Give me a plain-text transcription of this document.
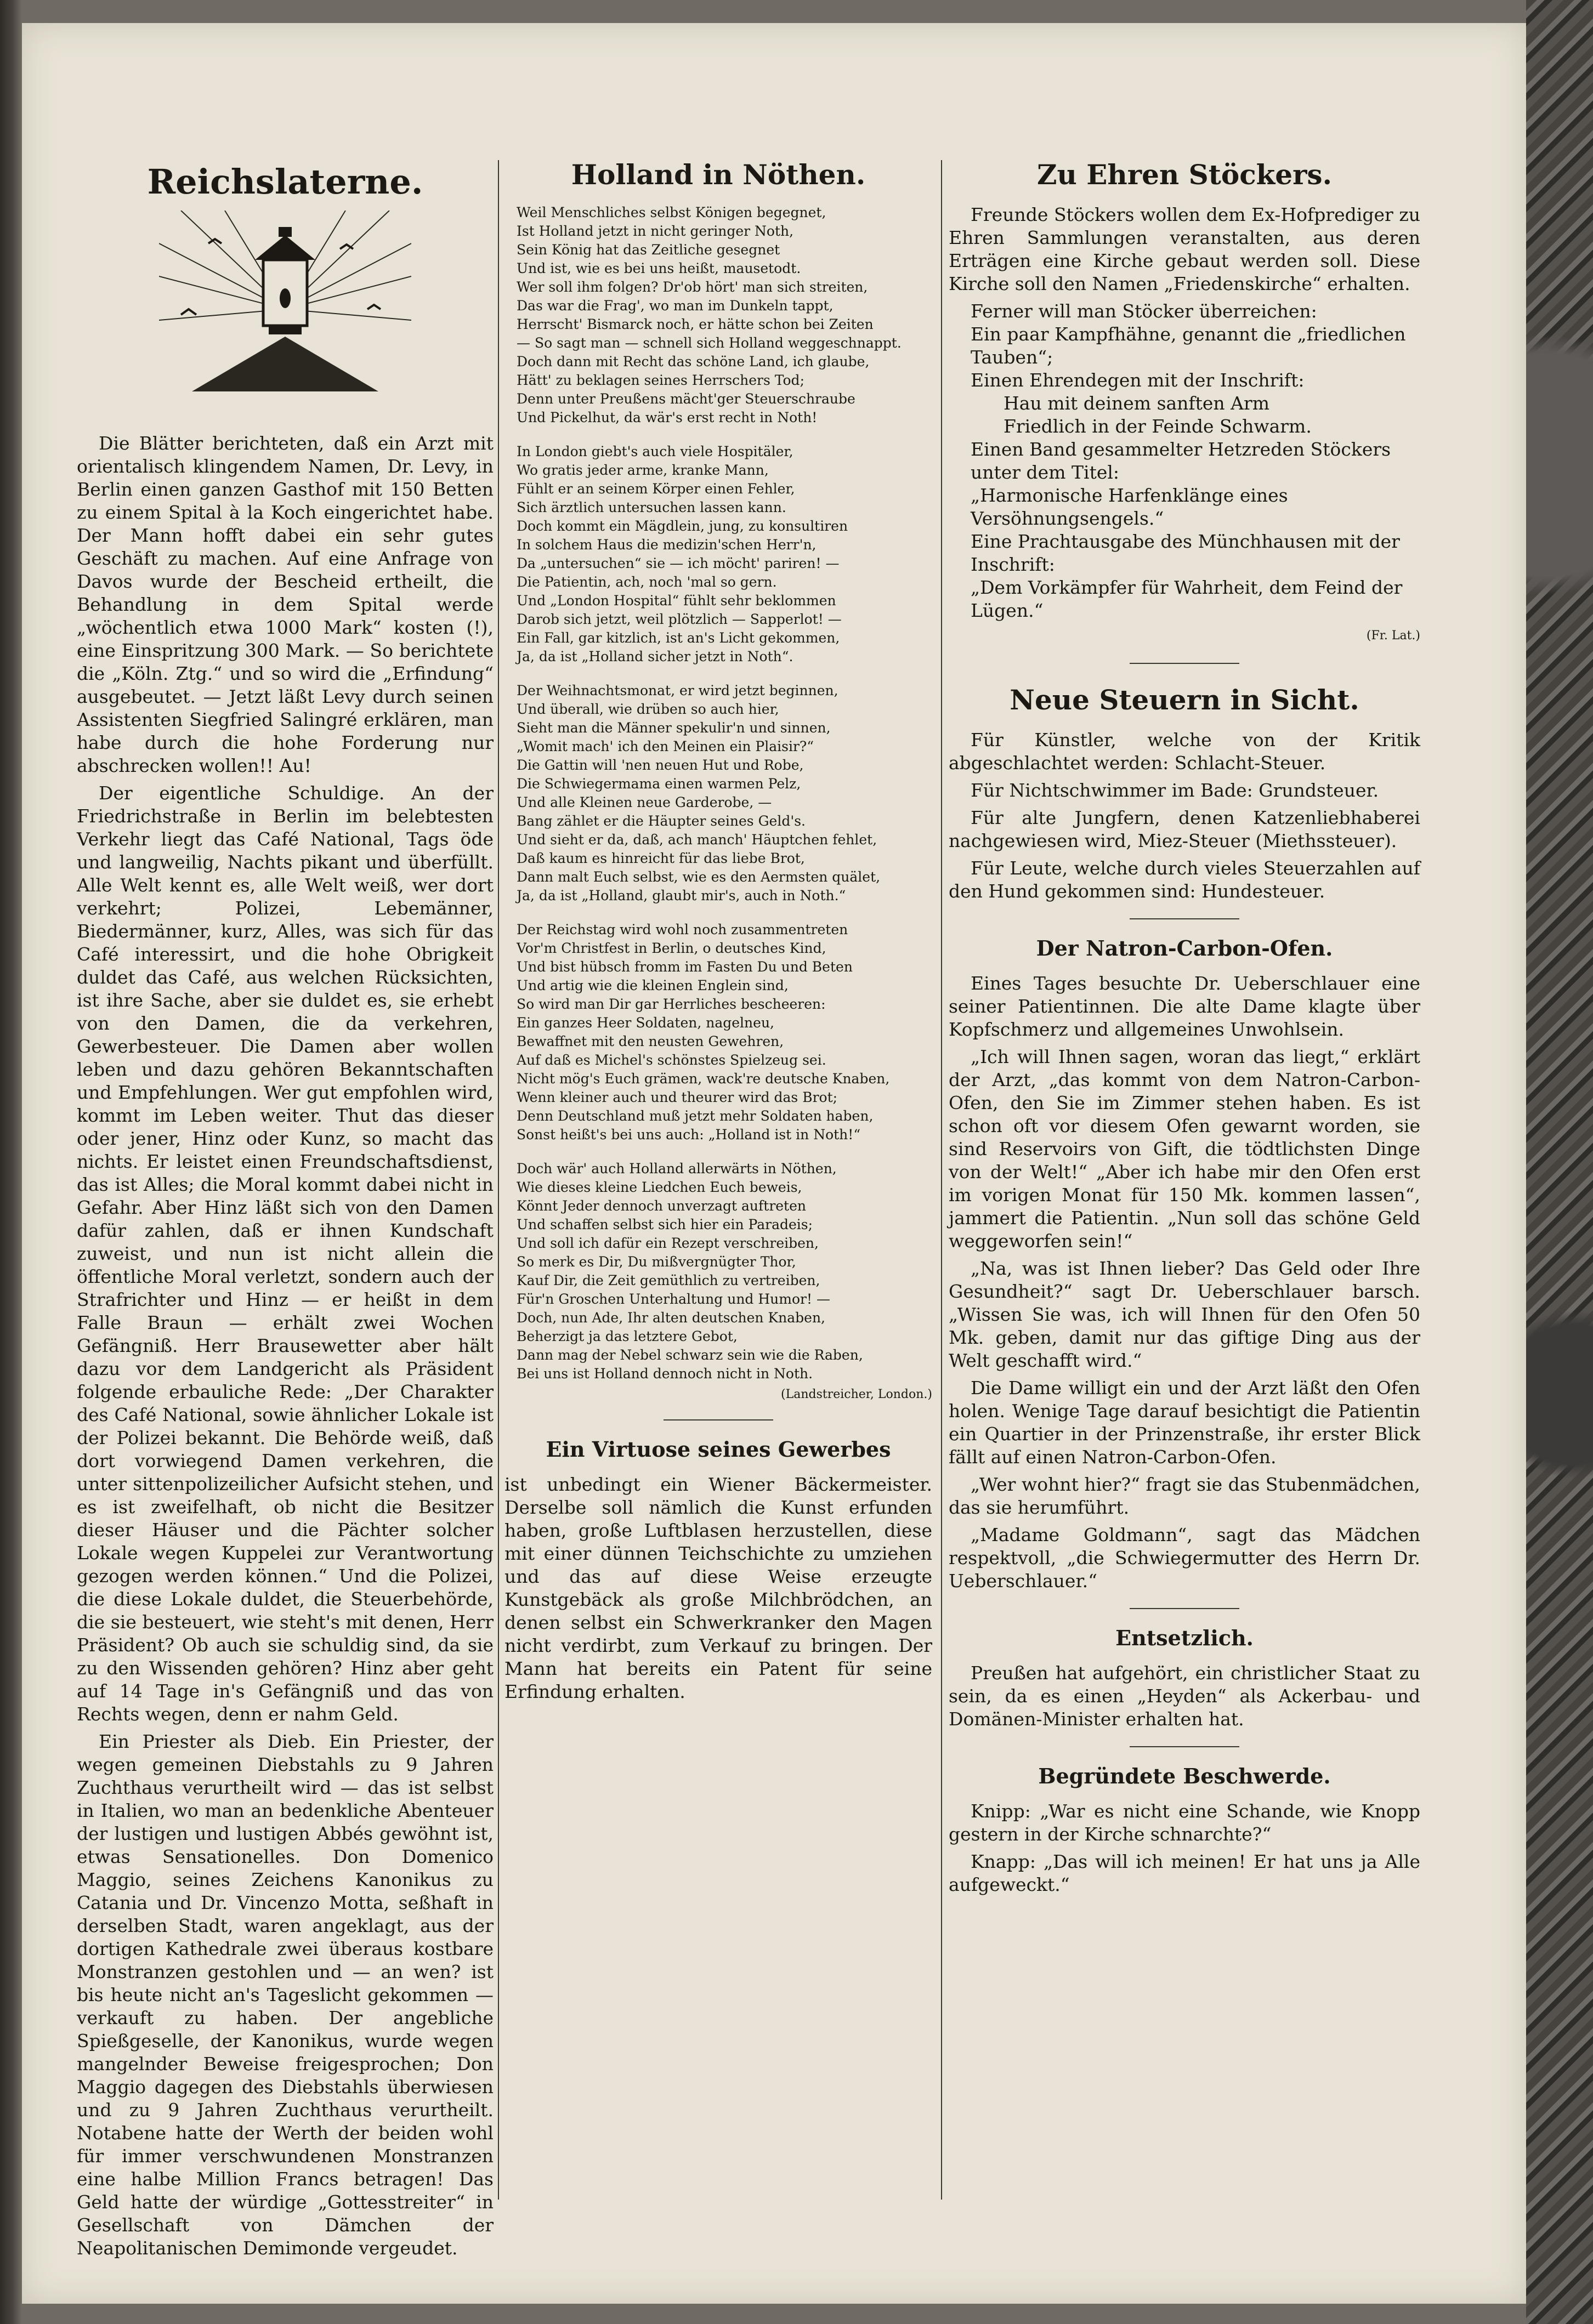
Reichslaterne.

Die Blätter berichteten, daß ein Arzt mit orientalisch klingendem Namen, Dr. Levy, in Berlin einen ganzen Gasthof mit 150 Betten zu einem Spital à la Koch eingerichtet habe. Der Mann hofft dabei ein sehr gutes Geschäft zu machen. Auf eine Anfrage von Davos wurde der Bescheid ertheilt, die Behandlung in dem Spital werde „wöchentlich etwa 1000 Mark“ kosten (!), eine Einspritzung 300 Mark. — So berichtete die „Köln. Ztg.“ und so wird die „Erfindung“ ausgebeutet. — Jetzt läßt Levy durch seinen Assistenten Siegfried Salingré erklären, man habe durch die hohe Forderung nur abschrecken wollen!! Au!

Der eigentliche Schuldige. An der Friedrichstraße in Berlin im belebtesten Verkehr liegt das Café National, Tags öde und langweilig, Nachts pikant und überfüllt. Alle Welt kennt es, alle Welt weiß, wer dort verkehrt; Polizei, Lebemänner, Biedermänner, kurz, Alles, was sich für das Café interessirt, und die hohe Obrigkeit duldet das Café, aus welchen Rücksichten, ist ihre Sache, aber sie duldet es, sie erhebt von den Damen, die da verkehren, Gewerbesteuer. Die Damen aber wollen leben und dazu gehören Bekanntschaften und Empfehlungen. Wer gut empfohlen wird, kommt im Leben weiter. Thut das dieser oder jener, Hinz oder Kunz, so macht das nichts. Er leistet einen Freundschaftsdienst, das ist Alles; die Moral kommt dabei nicht in Gefahr. Aber Hinz läßt sich von den Damen dafür zahlen, daß er ihnen Kundschaft zuweist, und nun ist nicht allein die öffentliche Moral verletzt, sondern auch der Strafrichter und Hinz — er heißt in dem Falle Braun — erhält zwei Wochen Gefängniß. Herr Brausewetter aber hält dazu vor dem Landgericht als Präsident folgende erbauliche Rede: „Der Charakter des Café National, sowie ähnlicher Lokale ist der Polizei bekannt. Die Behörde weiß, daß dort vorwiegend Damen verkehren, die unter sittenpolizeilicher Aufsicht stehen, und es ist zweifelhaft, ob nicht die Besitzer dieser Häuser und die Pächter solcher Lokale wegen Kuppelei zur Verantwortung gezogen werden können.“ Und die Polizei, die diese Lokale duldet, die Steuerbehörde, die sie besteuert, wie steht's mit denen, Herr Präsident? Ob auch sie schuldig sind, da sie zu den Wissenden gehören? Hinz aber geht auf 14 Tage in's Gefängniß und das von Rechts wegen, denn er nahm Geld.

Ein Priester als Dieb. Ein Priester, der wegen gemeinen Diebstahls zu 9 Jahren Zuchthaus verurtheilt wird — das ist selbst in Italien, wo man an bedenkliche Abenteuer der lustigen und lustigen Abbés gewöhnt ist, etwas Sensationelles. Don Domenico Maggio, seines Zeichens Kanonikus zu Catania und Dr. Vincenzo Motta, seßhaft in derselben Stadt, waren angeklagt, aus der dortigen Kathedrale zwei überaus kostbare Monstranzen gestohlen und — an wen? ist bis heute nicht an's Tageslicht gekommen — verkauft zu haben. Der angebliche Spießgeselle, der Kanonikus, wurde wegen mangelnder Beweise freigesprochen; Don Maggio dagegen des Diebstahls überwiesen und zu 9 Jahren Zuchthaus verurtheilt. Notabene hatte der Werth der beiden wohl für immer verschwundenen Monstranzen eine halbe Million Francs betragen! Das Geld hatte der würdige „Gottesstreiter“ in Gesellschaft von Dämchen der Neapolitanischen Demimonde vergeudet.

Holland in Nöthen.
Weil Menschliches selbst Königen begegnet,
Ist Holland jetzt in nicht geringer Noth,
Sein König hat das Zeitliche gesegnet
Und ist, wie es bei uns heißt, mausetodt.
Wer soll ihm folgen? Dr'ob hört' man sich streiten,
Das war die Frag', wo man im Dunkeln tappt,
Herrscht' Bismarck noch, er hätte schon bei Zeiten
— So sagt man — schnell sich Holland weggeschnappt.
Doch dann mit Recht das schöne Land, ich glaube,
Hätt' zu beklagen seines Herrschers Tod;
Denn unter Preußens mächt'ger Steuerschraube
Und Pickelhut, da wär's erst recht in Noth!
In London giebt's auch viele Hospitäler,
Wo gratis jeder arme, kranke Mann,
Fühlt er an seinem Körper einen Fehler,
Sich ärztlich untersuchen lassen kann.
Doch kommt ein Mägdlein, jung, zu konsultiren
In solchem Haus die medizin'schen Herr'n,
Da „untersuchen“ sie — ich möcht' pariren! —
Die Patientin, ach, noch 'mal so gern.
Und „London Hospital“ fühlt sehr beklommen
Darob sich jetzt, weil plötzlich — Sapperlot! —
Ein Fall, gar kitzlich, ist an's Licht gekommen,
Ja, da ist „Holland sicher jetzt in Noth“.
Der Weihnachtsmonat, er wird jetzt beginnen,
Und überall, wie drüben so auch hier,
Sieht man die Männer spekulir'n und sinnen,
„Womit mach' ich den Meinen ein Plaisir?“
Die Gattin will 'nen neuen Hut und Robe,
Die Schwiegermama einen warmen Pelz,
Und alle Kleinen neue Garderobe, —
Bang zählet er die Häupter seines Geld's.
Und sieht er da, daß, ach manch' Häuptchen fehlet,
Daß kaum es hinreicht für das liebe Brot,
Dann malt Euch selbst, wie es den Aermsten quälet,
Ja, da ist „Holland, glaubt mir's, auch in Noth.“
Der Reichstag wird wohl noch zusammentreten
Vor'm Christfest in Berlin, o deutsches Kind,
Und bist hübsch fromm im Fasten Du und Beten
Und artig wie die kleinen Englein sind,
So wird man Dir gar Herrliches bescheeren:
Ein ganzes Heer Soldaten, nagelneu,
Bewaffnet mit den neusten Gewehren,
Auf daß es Michel's schönstes Spielzeug sei.
Nicht mög's Euch grämen, wack're deutsche Knaben,
Wenn kleiner auch und theurer wird das Brot;
Denn Deutschland muß jetzt mehr Soldaten haben,
Sonst heißt's bei uns auch: „Holland ist in Noth!“
Doch wär' auch Holland allerwärts in Nöthen,
Wie dieses kleine Liedchen Euch beweis,
Könnt Jeder dennoch unverzagt auftreten
Und schaffen selbst sich hier ein Paradeis;
Und soll ich dafür ein Rezept verschreiben,
So merk es Dir, Du mißvergnügter Thor,
Kauf Dir, die Zeit gemüthlich zu vertreiben,
Für'n Groschen Unterhaltung und Humor! —
Doch, nun Ade, Ihr alten deutschen Knaben,
Beherzigt ja das letztere Gebot,
Dann mag der Nebel schwarz sein wie die Raben,
Bei uns ist Holland dennoch nicht in Noth.
(Landstreicher, London.)
Ein Virtuose seines Gewerbes

ist unbedingt ein Wiener Bäckermeister. Derselbe soll nämlich die Kunst erfunden haben, große Luftblasen herzustellen, diese mit einer dünnen Teichschichte zu umziehen und das auf diese Weise erzeugte Kunstgebäck als große Milchbrödchen, an denen selbst ein Schwerkranker den Magen nicht verdirbt, zum Verkauf zu bringen. Der Mann hat bereits ein Patent für seine Erfindung erhalten.

Zu Ehren Stöckers.

Freunde Stöckers wollen dem Ex-Hofprediger zu Ehren Sammlungen veranstalten, aus deren Erträgen eine Kirche gebaut werden soll. Diese Kirche soll den Namen „Friedenskirche“ erhalten.

Ferner will man Stöcker überreichen:
Ein paar Kampfhähne, genannt die „friedlichen Tauben“;
Einen Ehrendegen mit der Inschrift:
Hau mit deinem sanften Arm
Friedlich in der Feinde Schwarm.
Einen Band gesammelter Hetzreden Stöckers unter dem Titel:
„Harmonische Harfenklänge eines Versöhnungsengels.“
Eine Prachtausgabe des Münchhausen mit der Inschrift:
„Dem Vorkämpfer für Wahrheit, dem Feind der Lügen.“
(Fr. Lat.)
Neue Steuern in Sicht.

Für Künstler, welche von der Kritik abgeschlachtet werden: Schlacht-Steuer.

Für Nichtschwimmer im Bade: Grundsteuer.

Für alte Jungfern, denen Katzenliebhaberei nachgewiesen wird, Miez-Steuer (Miethssteuer).

Für Leute, welche durch vieles Steuerzahlen auf den Hund gekommen sind: Hundesteuer.

Der Natron-Carbon-Ofen.

Eines Tages besuchte Dr. Ueberschlauer eine seiner Patientinnen. Die alte Dame klagte über Kopfschmerz und allgemeines Unwohlsein.

„Ich will Ihnen sagen, woran das liegt,“ erklärt der Arzt, „das kommt von dem Natron-Carbon-Ofen, den Sie im Zimmer stehen haben. Es ist schon oft vor diesem Ofen gewarnt worden, sie sind Reservoirs von Gift, die tödtlichsten Dinge von der Welt!“ „Aber ich habe mir den Ofen erst im vorigen Monat für 150 Mk. kommen lassen“, jammert die Patientin. „Nun soll das schöne Geld weggeworfen sein!“

„Na, was ist Ihnen lieber? Das Geld oder Ihre Gesundheit?“ sagt Dr. Ueberschlauer barsch. „Wissen Sie was, ich will Ihnen für den Ofen 50 Mk. geben, damit nur das giftige Ding aus der Welt geschafft wird.“

Die Dame willigt ein und der Arzt läßt den Ofen holen. Wenige Tage darauf besichtigt die Patientin ein Quartier in der Prinzenstraße, ihr erster Blick fällt auf einen Natron-Carbon-Ofen.

„Wer wohnt hier?“ fragt sie das Stubenmädchen, das sie herumführt.

„Madame Goldmann“, sagt das Mädchen respektvoll, „die Schwiegermutter des Herrn Dr. Ueberschlauer.“

Entsetzlich.

Preußen hat aufgehört, ein christlicher Staat zu sein, da es einen „Heyden“ als Ackerbau- und Domänen-Minister erhalten hat.

Begründete Beschwerde.

Knipp: „War es nicht eine Schande, wie Knopp gestern in der Kirche schnarchte?“

Knapp: „Das will ich meinen! Er hat uns ja Alle aufgeweckt.“
